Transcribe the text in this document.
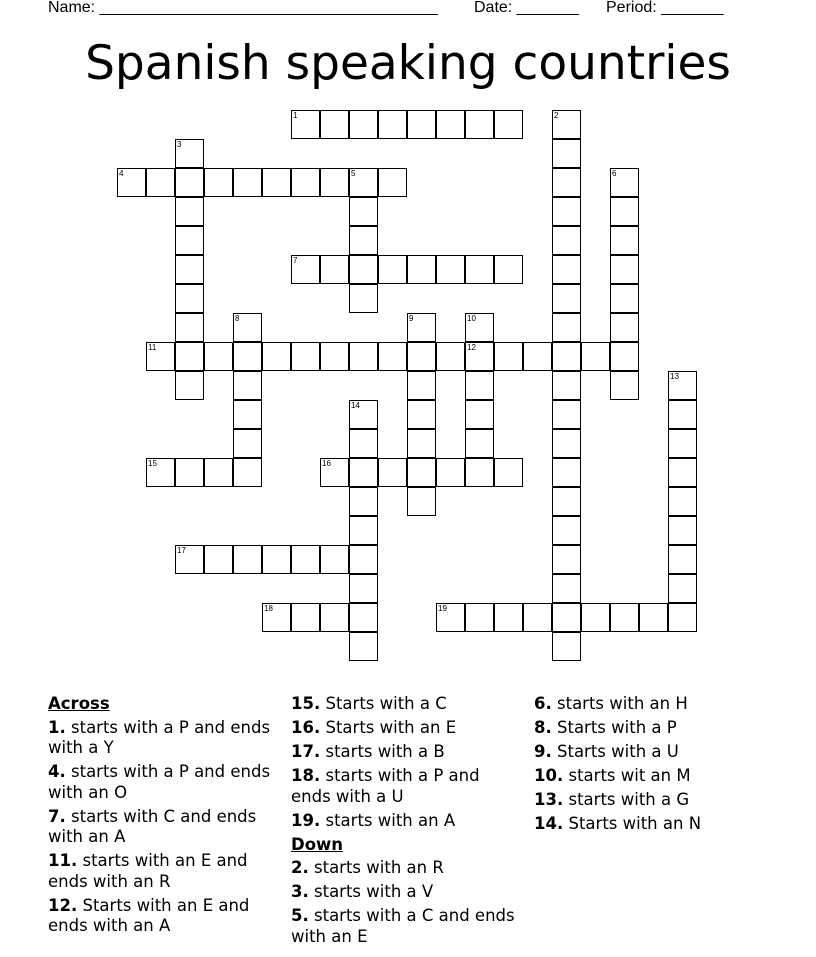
Name: ______________________________________ Date: _______ Period: _______
Spanish speaking countries
1	2
3
4	5	6
7
8	9	10
11	12
13
14
15	16
17
18	19
Across
1. starts with a P and ends with a Y
4. starts with a P and ends with an O
7. starts with C and ends with an A
11. starts with an E and ends with an R
12. Starts with an E and ends with an A
15. Starts with a C
16. Starts with an E
17. starts with a B
18. starts with a P and ends with a U
19. starts with an A
Down
2. starts with an R
3. starts with a V
5. starts with a C and ends with an E
6. starts with an H
8. Starts with a P
9. Starts with a U
10. starts wit an M
13. starts with a G
14. Starts with an N
